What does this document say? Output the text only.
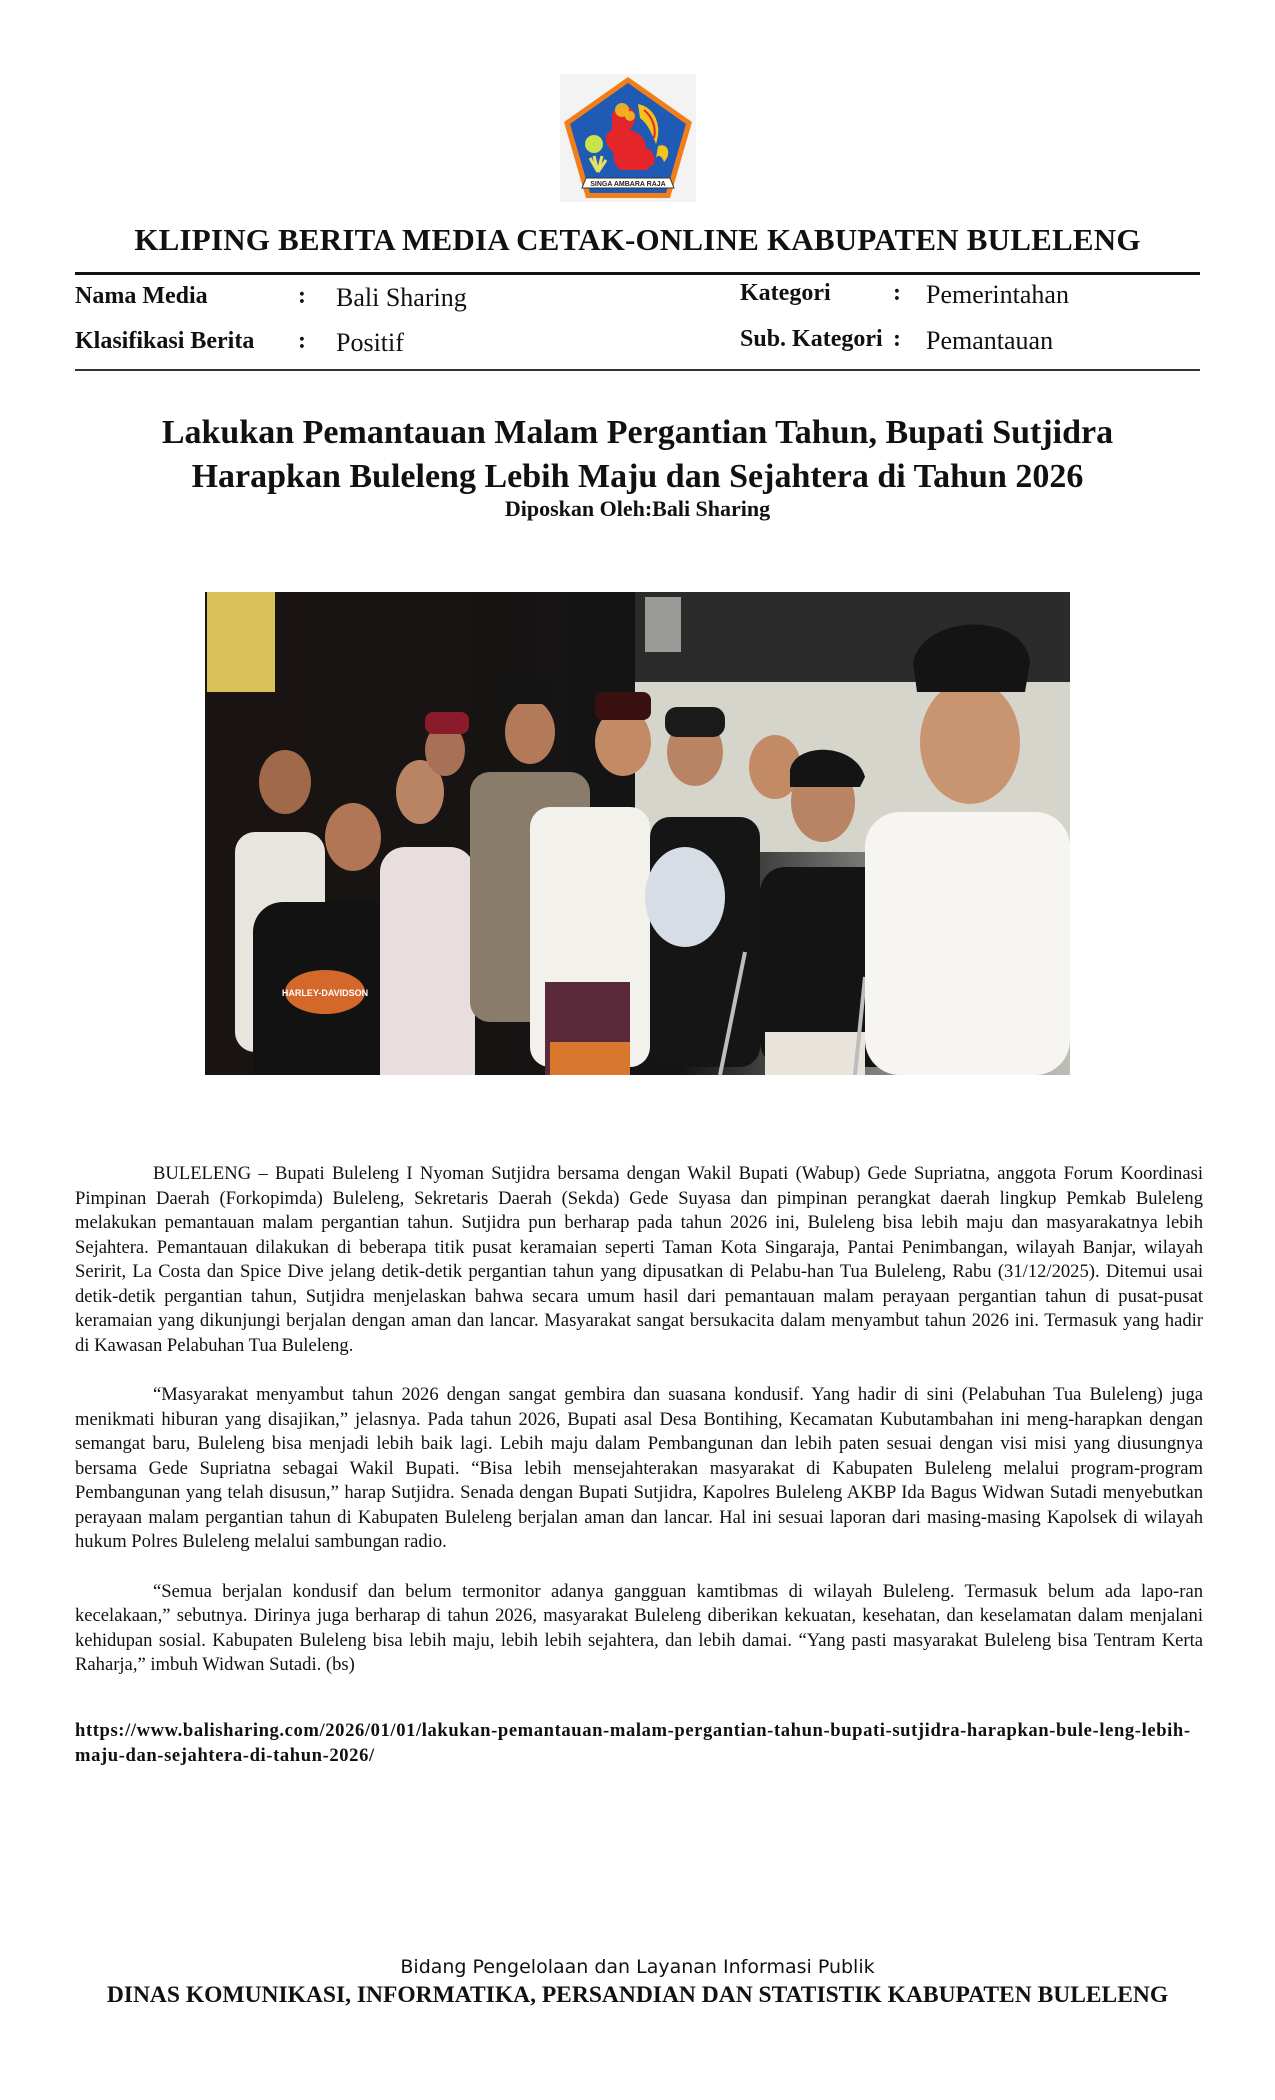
SINGA AMBARA RAJA
KLIPING BERITA MEDIA CETAK-ONLINE KABUPATEN BULELENG
Nama Media	: Bali Sharing
Klasifikasi Berita : Positif
Kategori	: Pemerintahan
Sub. Kategori : Pemantauan
Lakukan Pemantauan Malam Pergantian Tahun, Bupati Sutjidra
Harapkan Buleleng Lebih Maju dan Sejahtera di Tahun 2026
Diposkan Oleh:Bali Sharing
HARLEY-DAVIDSON

BULELENG – Bupati Buleleng I Nyoman Sutjidra bersama dengan Wakil Bupati (Wabup) Gede Supriatna, anggota Forum Koordinasi Pimpinan Daerah (Forkopimda) Buleleng, Sekretaris Daerah (Sekda) Gede Suyasa dan pimpinan perangkat daerah lingkup Pemkab Buleleng melakukan pemantauan malam pergantian tahun. Sutjidra pun berharap pada tahun 2026 ini, Buleleng bisa lebih maju dan masyarakatnya lebih Sejahtera. Pemantauan dilakukan di beberapa titik pusat keramaian seperti Taman Kota Singaraja, Pantai Penimbangan, wilayah Banjar, wilayah Seririt, La Costa dan Spice Dive jelang detik-detik pergantian tahun yang dipusatkan di Pelabu-han Tua Buleleng, Rabu (31/12/2025). Ditemui usai detik-detik pergantian tahun, Sutjidra menjelaskan bahwa secara umum hasil dari pemantauan malam perayaan pergantian tahun di pusat-pusat keramaian yang dikunjungi berjalan dengan aman dan lancar. Masyarakat sangat bersukacita dalam menyambut tahun 2026 ini. Termasuk yang hadir di Kawasan Pelabuhan Tua Buleleng.

“Masyarakat menyambut tahun 2026 dengan sangat gembira dan suasana kondusif. Yang hadir di sini (Pelabuhan Tua Buleleng) juga menikmati hiburan yang disajikan,” jelasnya. Pada tahun 2026, Bupati asal Desa Bontihing, Kecamatan Kubutambahan ini meng-harapkan dengan semangat baru, Buleleng bisa menjadi lebih baik lagi. Lebih maju dalam Pembangunan dan lebih paten sesuai dengan visi misi yang diusungnya bersama Gede Supriatna sebagai Wakil Bupati. “Bisa lebih mensejahterakan masyarakat di Kabupaten Buleleng melalui program-program Pembangunan yang telah disusun,” harap Sutjidra. Senada dengan Bupati Sutjidra, Kapolres Buleleng AKBP Ida Bagus Widwan Sutadi menyebutkan perayaan malam pergantian tahun di Kabupaten Buleleng berjalan aman dan lancar. Hal ini sesuai laporan dari masing-masing Kapolsek di wilayah hukum Polres Buleleng melalui sambungan radio.

“Semua berjalan kondusif dan belum termonitor adanya gangguan kamtibmas di wilayah Buleleng. Termasuk belum ada lapo-ran kecelakaan,” sebutnya. Dirinya juga berharap di tahun 2026, masyarakat Buleleng diberikan kekuatan, kesehatan, dan keselamatan dalam menjalani kehidupan sosial. Kabupaten Buleleng bisa lebih maju, lebih lebih sejahtera, dan lebih damai. “Yang pasti masyarakat Buleleng bisa Tentram Kerta Raharja,” imbuh Widwan Sutadi. (bs)

https://www.balisharing.com/2026/01/01/lakukan-pemantauan-malam-pergantian-tahun-bupati-sutjidra-harapkan-bule-leng-lebih-maju-dan-sejahtera-di-tahun-2026/
Bidang Pengelolaan dan Layanan Informasi Publik
DINAS KOMUNIKASI, INFORMATIKA, PERSANDIAN DAN STATISTIK KABUPATEN BULELENG
